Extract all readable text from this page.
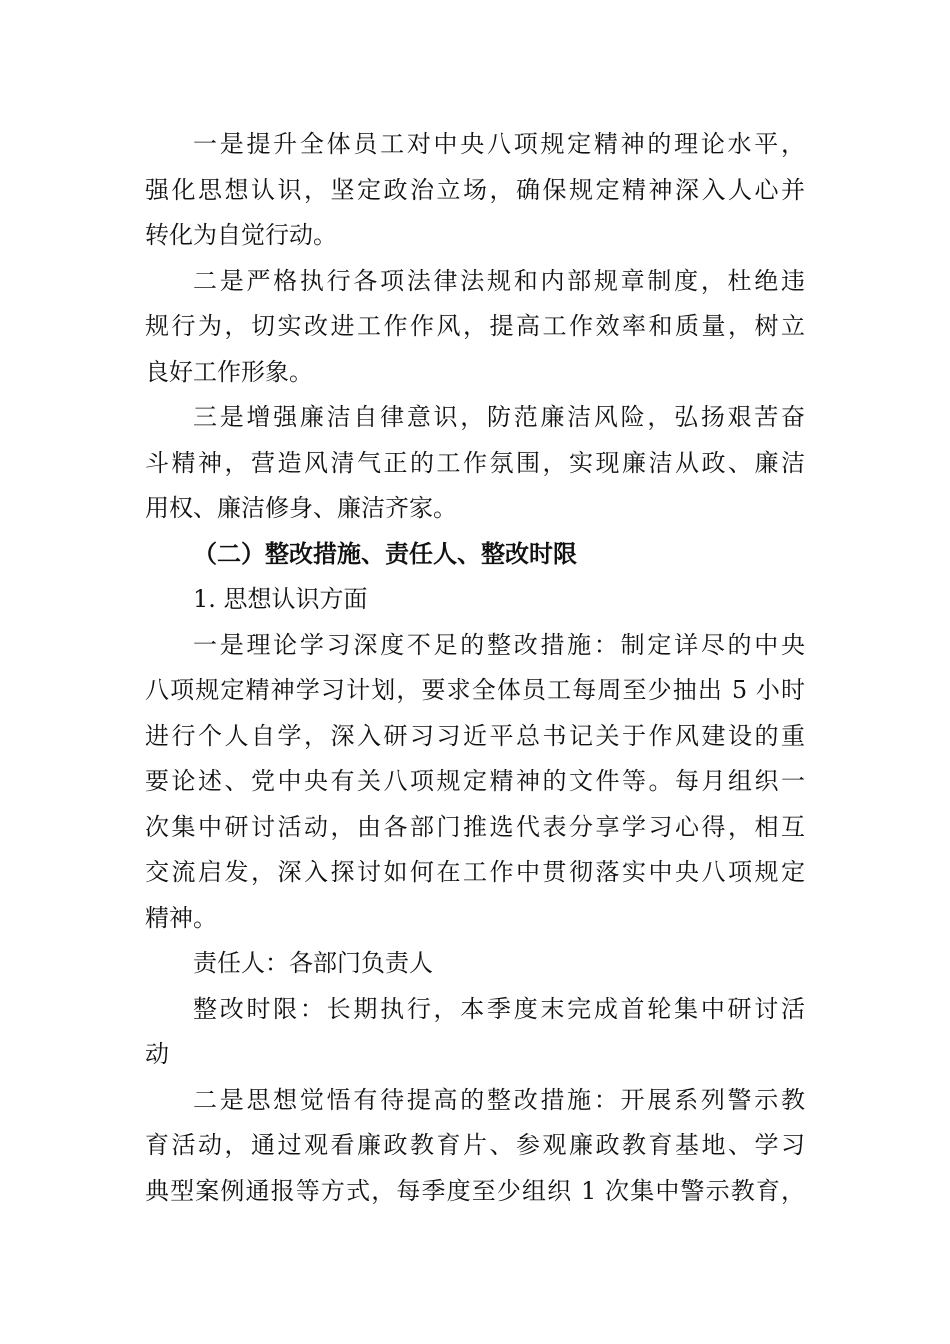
一是提升全体员工对中央八项规定精神的理论水平，
强化思想认识，坚定政治立场，确保规定精神深入人心并
转化为自觉行动。
二是严格执行各项法律法规和内部规章制度，杜绝违
规行为，切实改进工作作风，提高工作效率和质量，树立
良好工作形象。
三是增强廉洁自律意识，防范廉洁风险，弘扬艰苦奋
斗精神，营造风清气正的工作氛围，实现廉洁从政、廉洁
用权、廉洁修身、廉洁齐家。
（二）整改措施、责任人、整改时限
1. 思想认识方面
一是理论学习深度不足的整改措施：制定详尽的中央
八项规定精神学习计划，要求全体员工每周至少抽出 5 小时
进行个人自学，深入研习习近平总书记关于作风建设的重
要论述、党中央有关八项规定精神的文件等。每月组织一
次集中研讨活动，由各部门推选代表分享学习心得，相互
交流启发，深入探讨如何在工作中贯彻落实中央八项规定
精神。
责任人：各部门负责人
整改时限：长期执行，本季度末完成首轮集中研讨活
动
二是思想觉悟有待提高的整改措施：开展系列警示教
育活动，通过观看廉政教育片、参观廉政教育基地、学习
典型案例通报等方式，每季度至少组织 1 次集中警示教育，
